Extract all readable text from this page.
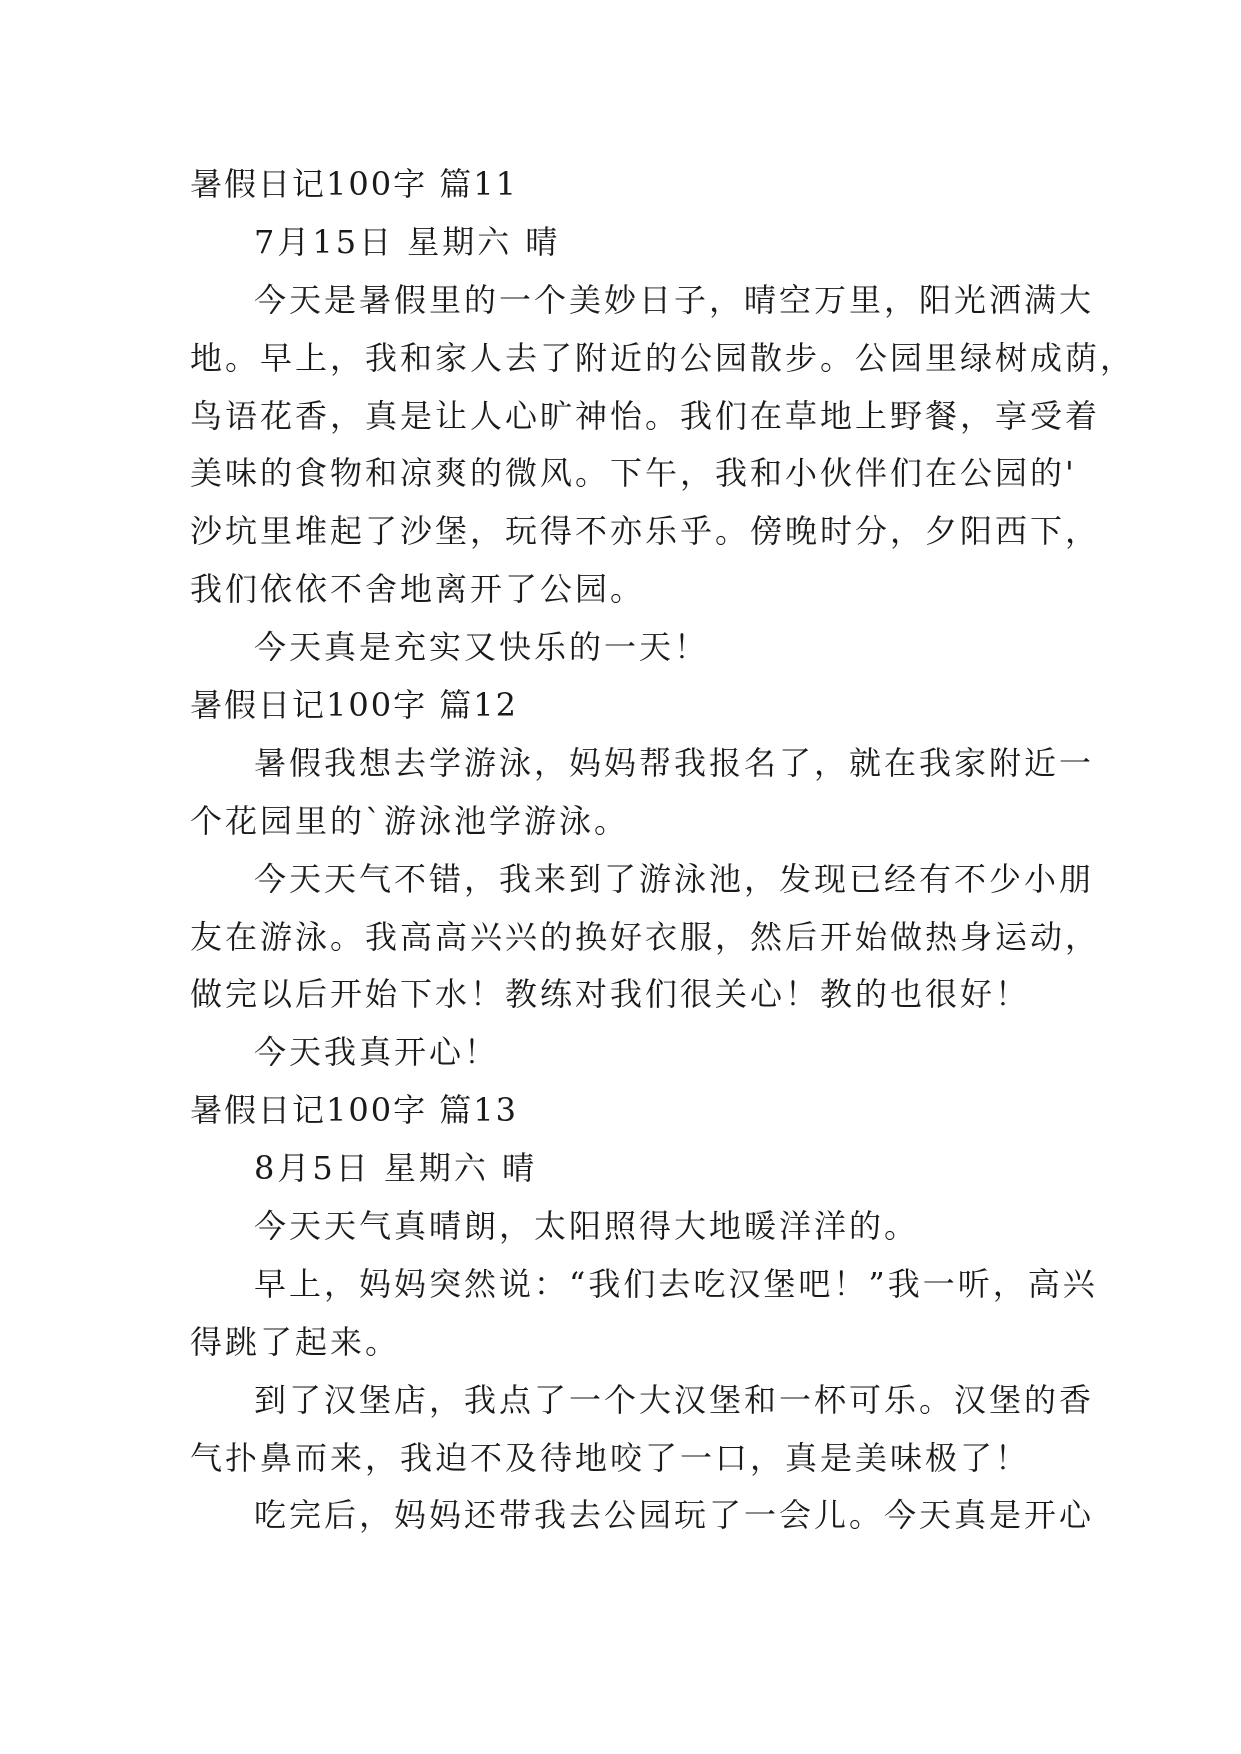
暑假日记100字 篇11
7月15日 星期六 晴
今天是暑假里的一个美妙日子，晴空万里，阳光洒满大
地。早上，我和家人去了附近的公园散步。公园里绿树成荫，
鸟语花香，真是让人心旷神怡。我们在草地上野餐，享受着
美味的食物和凉爽的微风。下午，我和小伙伴们在公园的'
沙坑里堆起了沙堡，玩得不亦乐乎。傍晚时分，夕阳西下，
我们依依不舍地离开了公园。
今天真是充实又快乐的一天！
暑假日记100字 篇12
暑假我想去学游泳，妈妈帮我报名了，就在我家附近一
个花园里的`游泳池学游泳。
今天天气不错，我来到了游泳池，发现已经有不少小朋
友在游泳。我高高兴兴的换好衣服，然后开始做热身运动，
做完以后开始下水！教练对我们很关心！教的也很好！
今天我真开心！
暑假日记100字 篇13
8月5日 星期六 晴
今天天气真晴朗，太阳照得大地暖洋洋的。
早上，妈妈突然说：“我们去吃汉堡吧！”我一听，高兴
得跳了起来。
到了汉堡店，我点了一个大汉堡和一杯可乐。汉堡的香
气扑鼻而来，我迫不及待地咬了一口，真是美味极了！
吃完后，妈妈还带我去公园玩了一会儿。今天真是开心
